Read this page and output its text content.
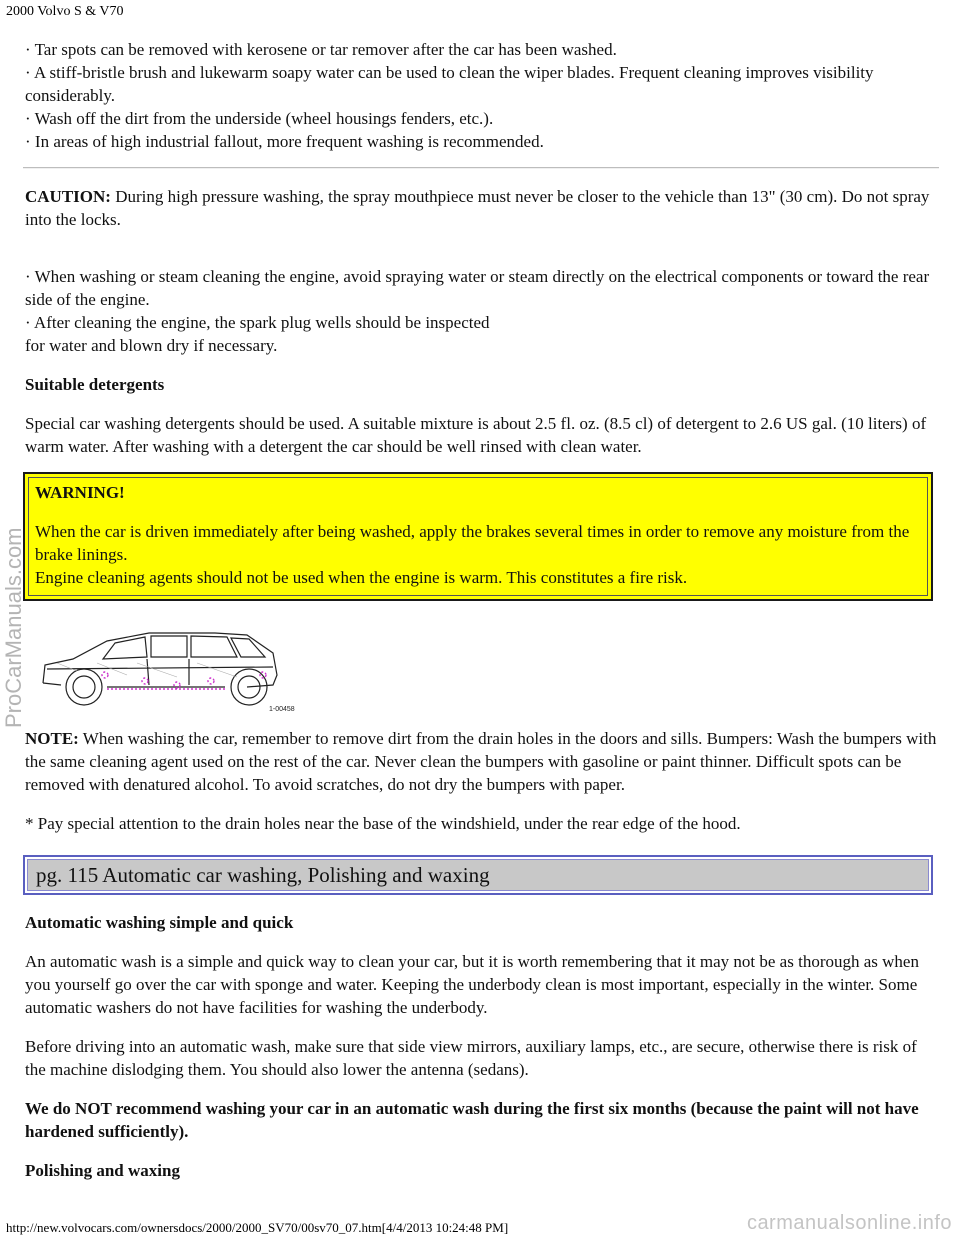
2000 Volvo S & V70

· Tar spots can be removed with kerosene or tar remover after the car has been washed.

· A stiff-bristle brush and lukewarm soapy water can be used to clean the wiper blades. Frequent cleaning improves visibility considerably.

· Wash off the dirt from the underside (wheel housings fenders, etc.).

· In areas of high industrial fallout, more frequent washing is recommended.

CAUTION: During high pressure washing, the spray mouthpiece must never be closer to the vehicle than 13" (30 cm). Do not spray into the locks.

· When washing or steam cleaning the engine, avoid spraying water or steam directly on the electrical components or toward the rear side of the engine.

· After cleaning the engine, the spark plug wells should be inspected

for water and blown dry if necessary.

Suitable detergents

Special car washing detergents should be used. A suitable mixture is about 2.5 fl. oz. (8.5 cl) of detergent to 2.6 US gal. (10 liters) of warm water. After washing with a detergent the car should be well rinsed with clean water.

WARNING!

When the car is driven immediately after being washed, apply the brakes several times in order to remove any moisture from the brake linings.

Engine cleaning agents should not be used when the engine is warm. This constitutes a fire risk.

1-00458

NOTE: When washing the car, remember to remove dirt from the drain holes in the doors and sills. Bumpers: Wash the bumpers with the same cleaning agent used on the rest of the car. Never clean the bumpers with gasoline or paint thinner. Difficult spots can be removed with denatured alcohol. To avoid scratches, do not dry the bumpers with paper.

* Pay special attention to the drain holes near the base of the windshield, under the rear edge of the hood.

pg. 115 Automatic car washing, Polishing and waxing

Automatic washing simple and quick

An automatic wash is a simple and quick way to clean your car, but it is worth remembering that it may not be as thorough as when you yourself go over the car with sponge and water. Keeping the underbody clean is most important, especially in the winter. Some automatic washers do not have facilities for washing the underbody.

Before driving into an automatic wash, make sure that side view mirrors, auxiliary lamps, etc., are secure, otherwise there is risk of the machine dislodging them. You should also lower the antenna (sedans).

We do NOT recommend washing your car in an automatic wash during the first six months (because the paint will not have hardened sufficiently).

Polishing and waxing

ProCarManuals.com
http://new.volvocars.com/ownersdocs/2000/2000_SV70/00sv70_07.htm[4/4/2013 10:24:48 PM]	carmanualsonline.info
